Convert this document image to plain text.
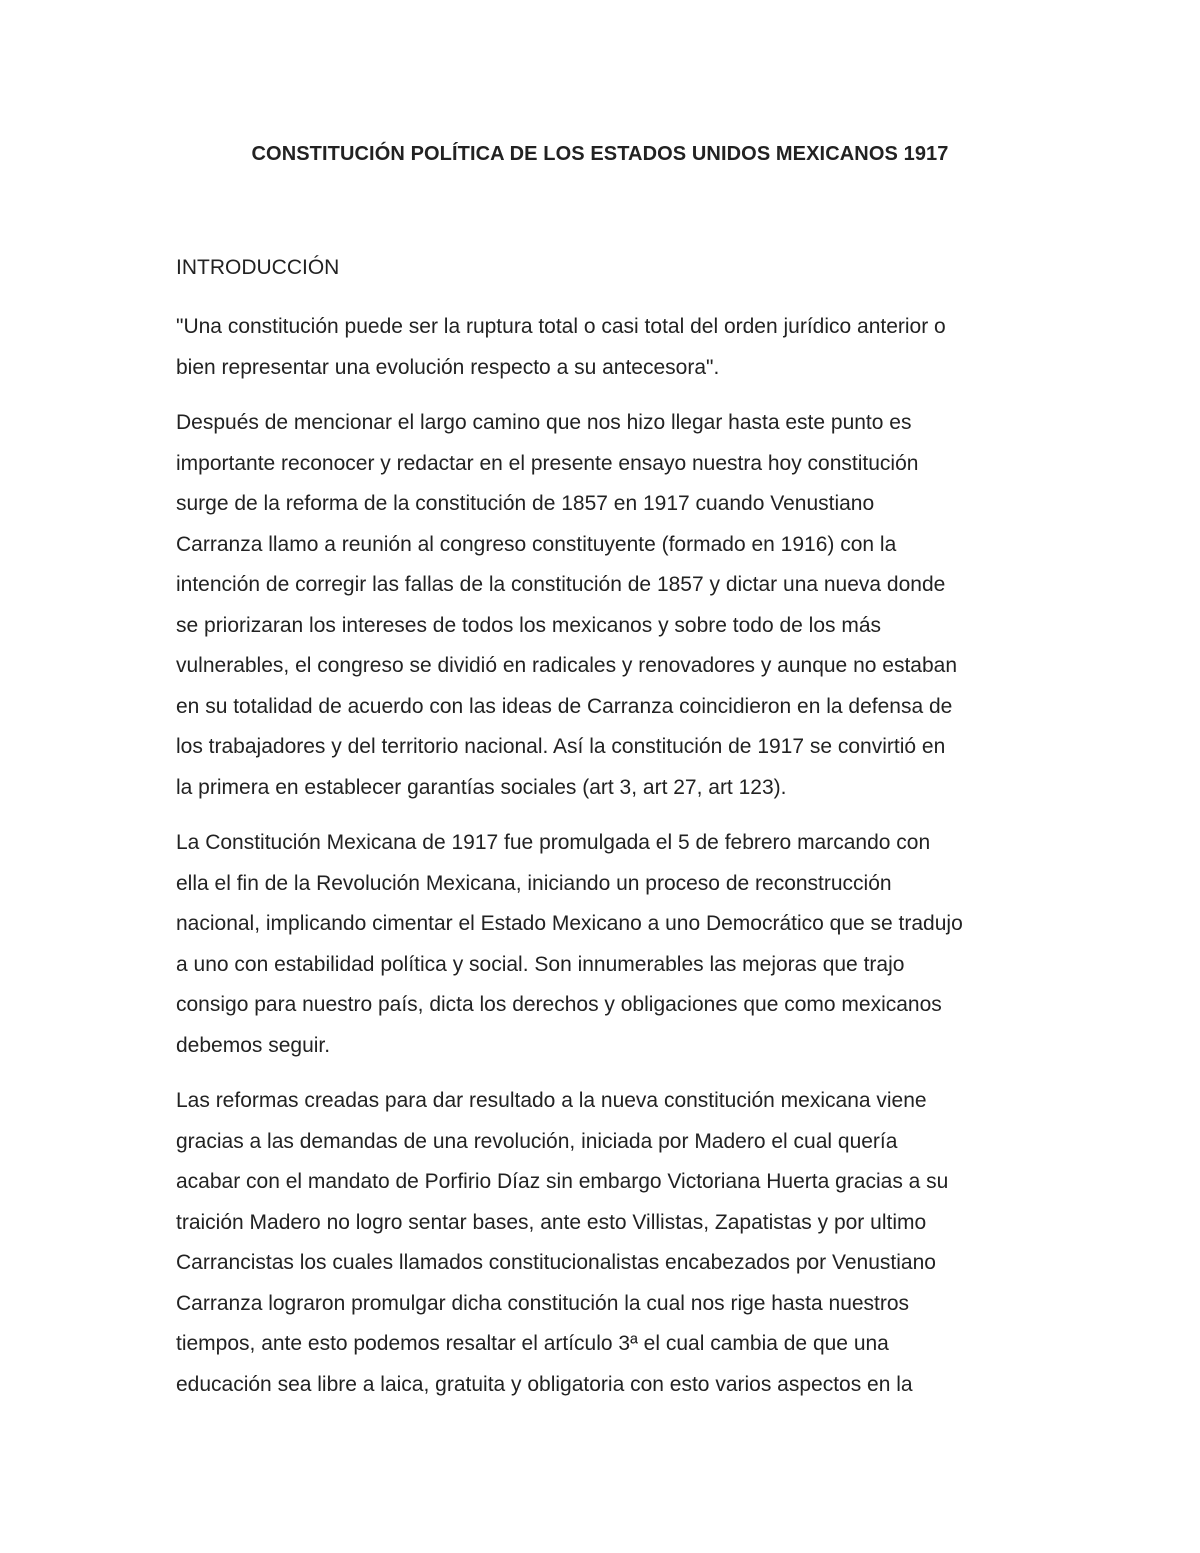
CONSTITUCIÓN POLÍTICA DE LOS ESTADOS UNIDOS MEXICANOS 1917
INTRODUCCIÓN

"Una constitución puede ser la ruptura total o casi total del orden jurídico anterior o
bien representar una evolución respecto a su antecesora".

Después de mencionar el largo camino que nos hizo llegar hasta este punto es
importante reconocer y redactar en el presente ensayo nuestra hoy constitución
surge de la reforma de la constitución de 1857 en 1917 cuando Venustiano
Carranza llamo a reunión al congreso constituyente (formado en 1916) con la
intención de corregir las fallas de la constitución de 1857 y dictar una nueva donde
se priorizaran los intereses de todos los mexicanos y sobre todo de los más
vulnerables, el congreso se dividió en radicales y renovadores y aunque no estaban
en su totalidad de acuerdo con las ideas de Carranza coincidieron en la defensa de
los trabajadores y del territorio nacional. Así la constitución de 1917 se convirtió en
la primera en establecer garantías sociales (art 3, art 27, art 123).

La Constitución Mexicana de 1917 fue promulgada el 5 de febrero marcando con
ella el fin de la Revolución Mexicana, iniciando un proceso de reconstrucción
nacional, implicando cimentar el Estado Mexicano a uno Democrático que se tradujo
a uno con estabilidad política y social. Son innumerables las mejoras que trajo
consigo para nuestro país, dicta los derechos y obligaciones que como mexicanos
debemos seguir.

Las reformas creadas para dar resultado a la nueva constitución mexicana viene
gracias a las demandas de una revolución, iniciada por Madero el cual quería
acabar con el mandato de Porfirio Díaz sin embargo Victoriana Huerta gracias a su
traición Madero no logro sentar bases, ante esto Villistas, Zapatistas y por ultimo
Carrancistas los cuales llamados constitucionalistas encabezados por Venustiano
Carranza lograron promulgar dicha constitución la cual nos rige hasta nuestros
tiempos, ante esto podemos resaltar el artículo 3ª el cual cambia de que una
educación sea libre a laica, gratuita y obligatoria con esto varios aspectos en la
